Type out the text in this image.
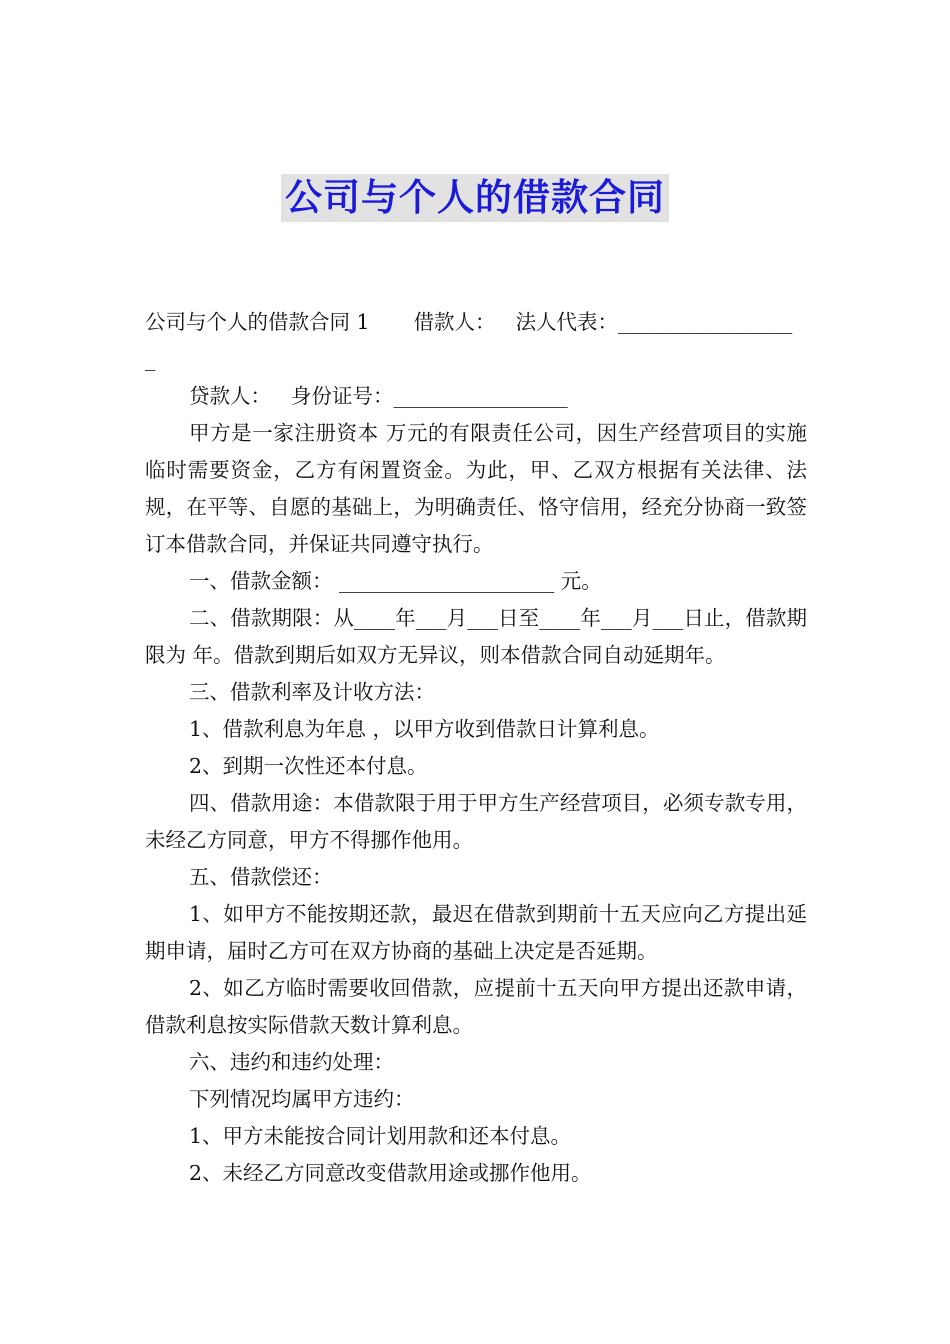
公司与个人的借款合同

公司与个人的借款合同 1 借款人： 法人代表：_________________

_

贷款人： 身份证号：_________________

甲方是一家注册资本 万元的有限责任公司，因生产经营项目的实施临时需要资金，乙方有闲置资金。为此，甲、乙双方根据有关法律、法规，在平等、自愿的基础上，为明确责任、恪守信用，经充分协商一致签订本借款合同，并保证共同遵守执行。

一、借款金额： _____________________ 元。

二、借款期限：从____年___月___日至____年___月___日止，借款期限为 年。借款到期后如双方无异议，则本借款合同自动延期年。

三、借款利率及计收方法：

1、借款利息为年息 ，以甲方收到借款日计算利息。

2、到期一次性还本付息。

四、借款用途：本借款限于用于甲方生产经营项目，必须专款专用，未经乙方同意，甲方不得挪作他用。

五、借款偿还：

1、如甲方不能按期还款，最迟在借款到期前十五天应向乙方提出延期申请，届时乙方可在双方协商的基础上决定是否延期。

2、如乙方临时需要收回借款，应提前十五天向甲方提出还款申请，借款利息按实际借款天数计算利息。

六、违约和违约处理：

下列情况均属甲方违约：

1、甲方未能按合同计划用款和还本付息。

2、未经乙方同意改变借款用途或挪作他用。
